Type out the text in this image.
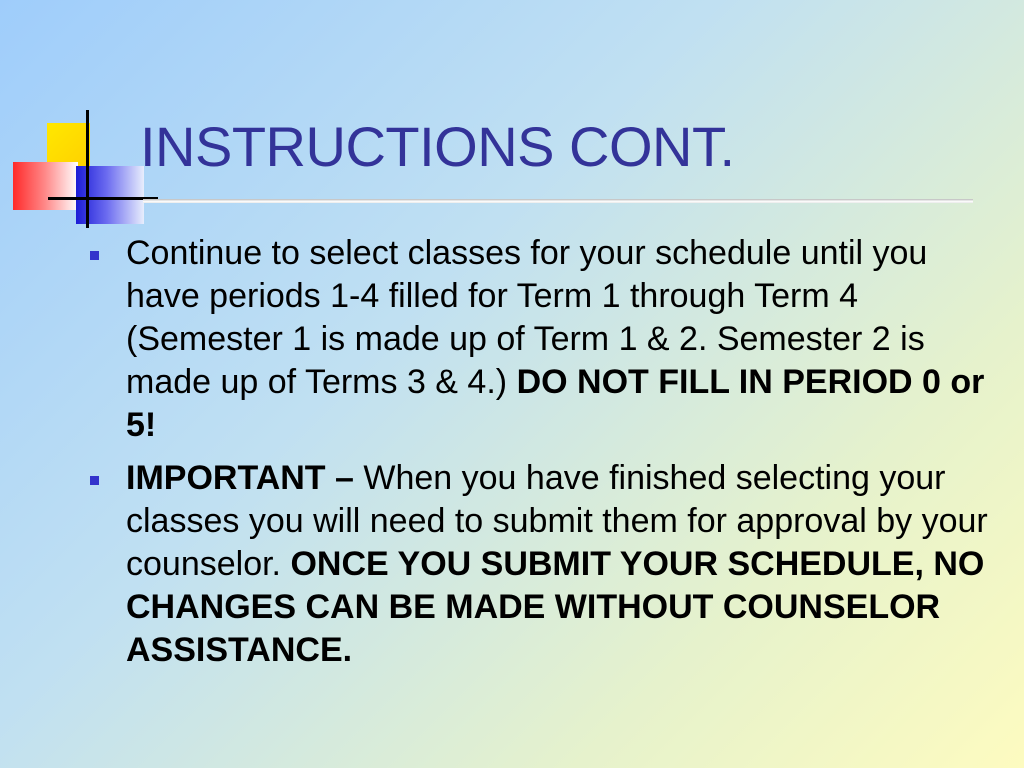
INSTRUCTIONS CONT.
Continue to select classes for your schedule until you have periods 1-4 filled for Term 1 through Term 4 (Semester 1 is made up of Term 1 & 2. Semester 2 is made up of Terms 3 & 4.) DO NOT FILL IN PERIOD 0 or 5!
IMPORTANT – When you have finished selecting your classes you will need to submit them for approval by your counselor. ONCE YOU SUBMIT YOUR SCHEDULE, NO CHANGES CAN BE MADE WITHOUT COUNSELOR ASSISTANCE.
